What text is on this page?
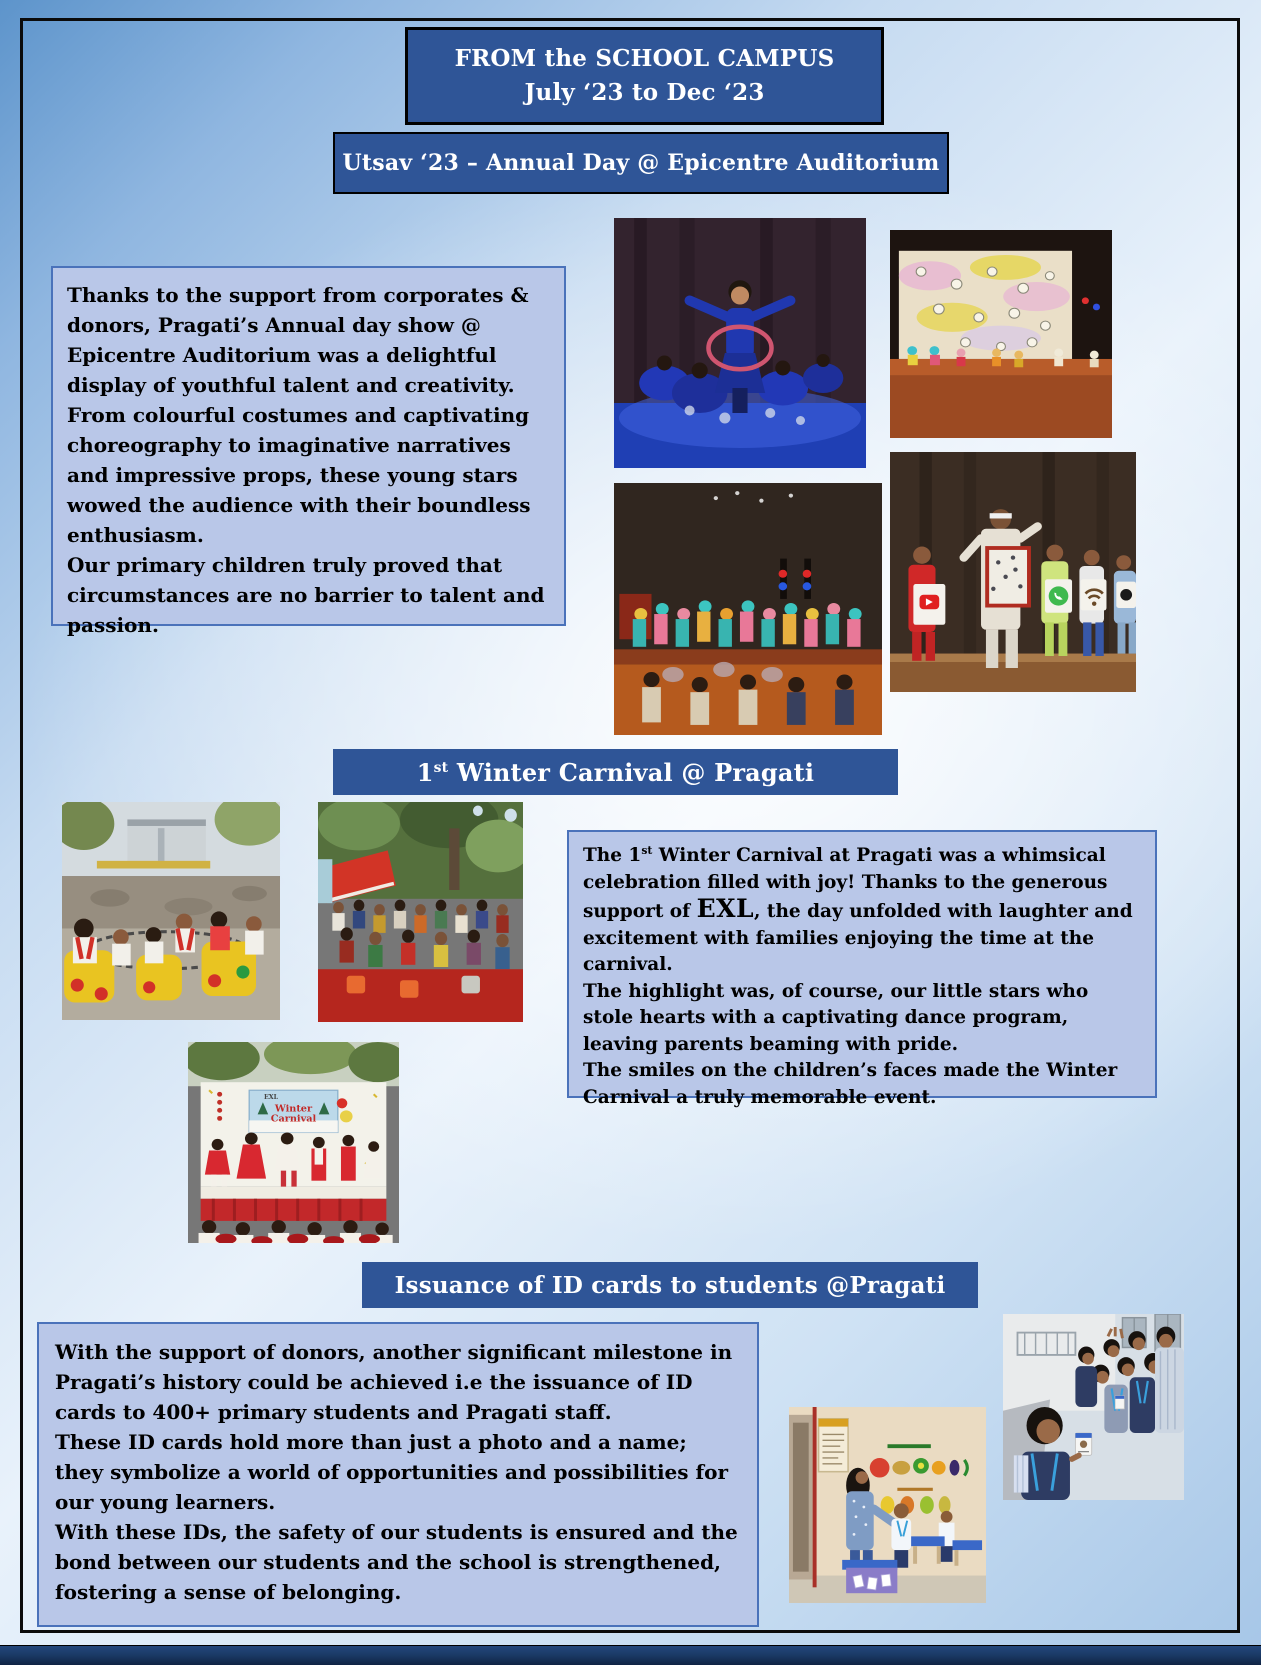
FROM the SCHOOL CAMPUS
July ‘23 to Dec ‘23
Utsav ‘23 – Annual Day @ Epicentre Auditorium

Thanks to the support from corporates & donors, Pragati’s Annual day show @ Epicentre Auditorium was a delightful display of youthful talent and creativity.

From colourful costumes and captivating choreography to imaginative narratives and impressive props, these young stars wowed the audience with their boundless enthusiasm.

Our primary children truly proved that circumstances are no barrier to talent and passion.

1st Winter Carnival @ Pragati
EXL
Winter
Carnival

The 1st Winter Carnival at Pragati was a whimsical celebration filled with joy! Thanks to the generous support of EXL, the day unfolded with laughter and excitement with families enjoying the time at the carnival.

The highlight was, of course, our little stars who stole hearts with a captivating dance program, leaving parents beaming with pride.

The smiles on the children’s faces made the Winter Carnival a truly memorable event.

Issuance of ID cards to students @Pragati

With the support of donors, another significant milestone in Pragati’s history could be achieved i.e the issuance of ID cards to 400+ primary students and Pragati staff.

These ID cards hold more than just a photo and a name; they symbolize a world of opportunities and possibilities for our young learners.

With these IDs, the safety of our students is ensured and the bond between our students and the school is strengthened, fostering a sense of belonging.
